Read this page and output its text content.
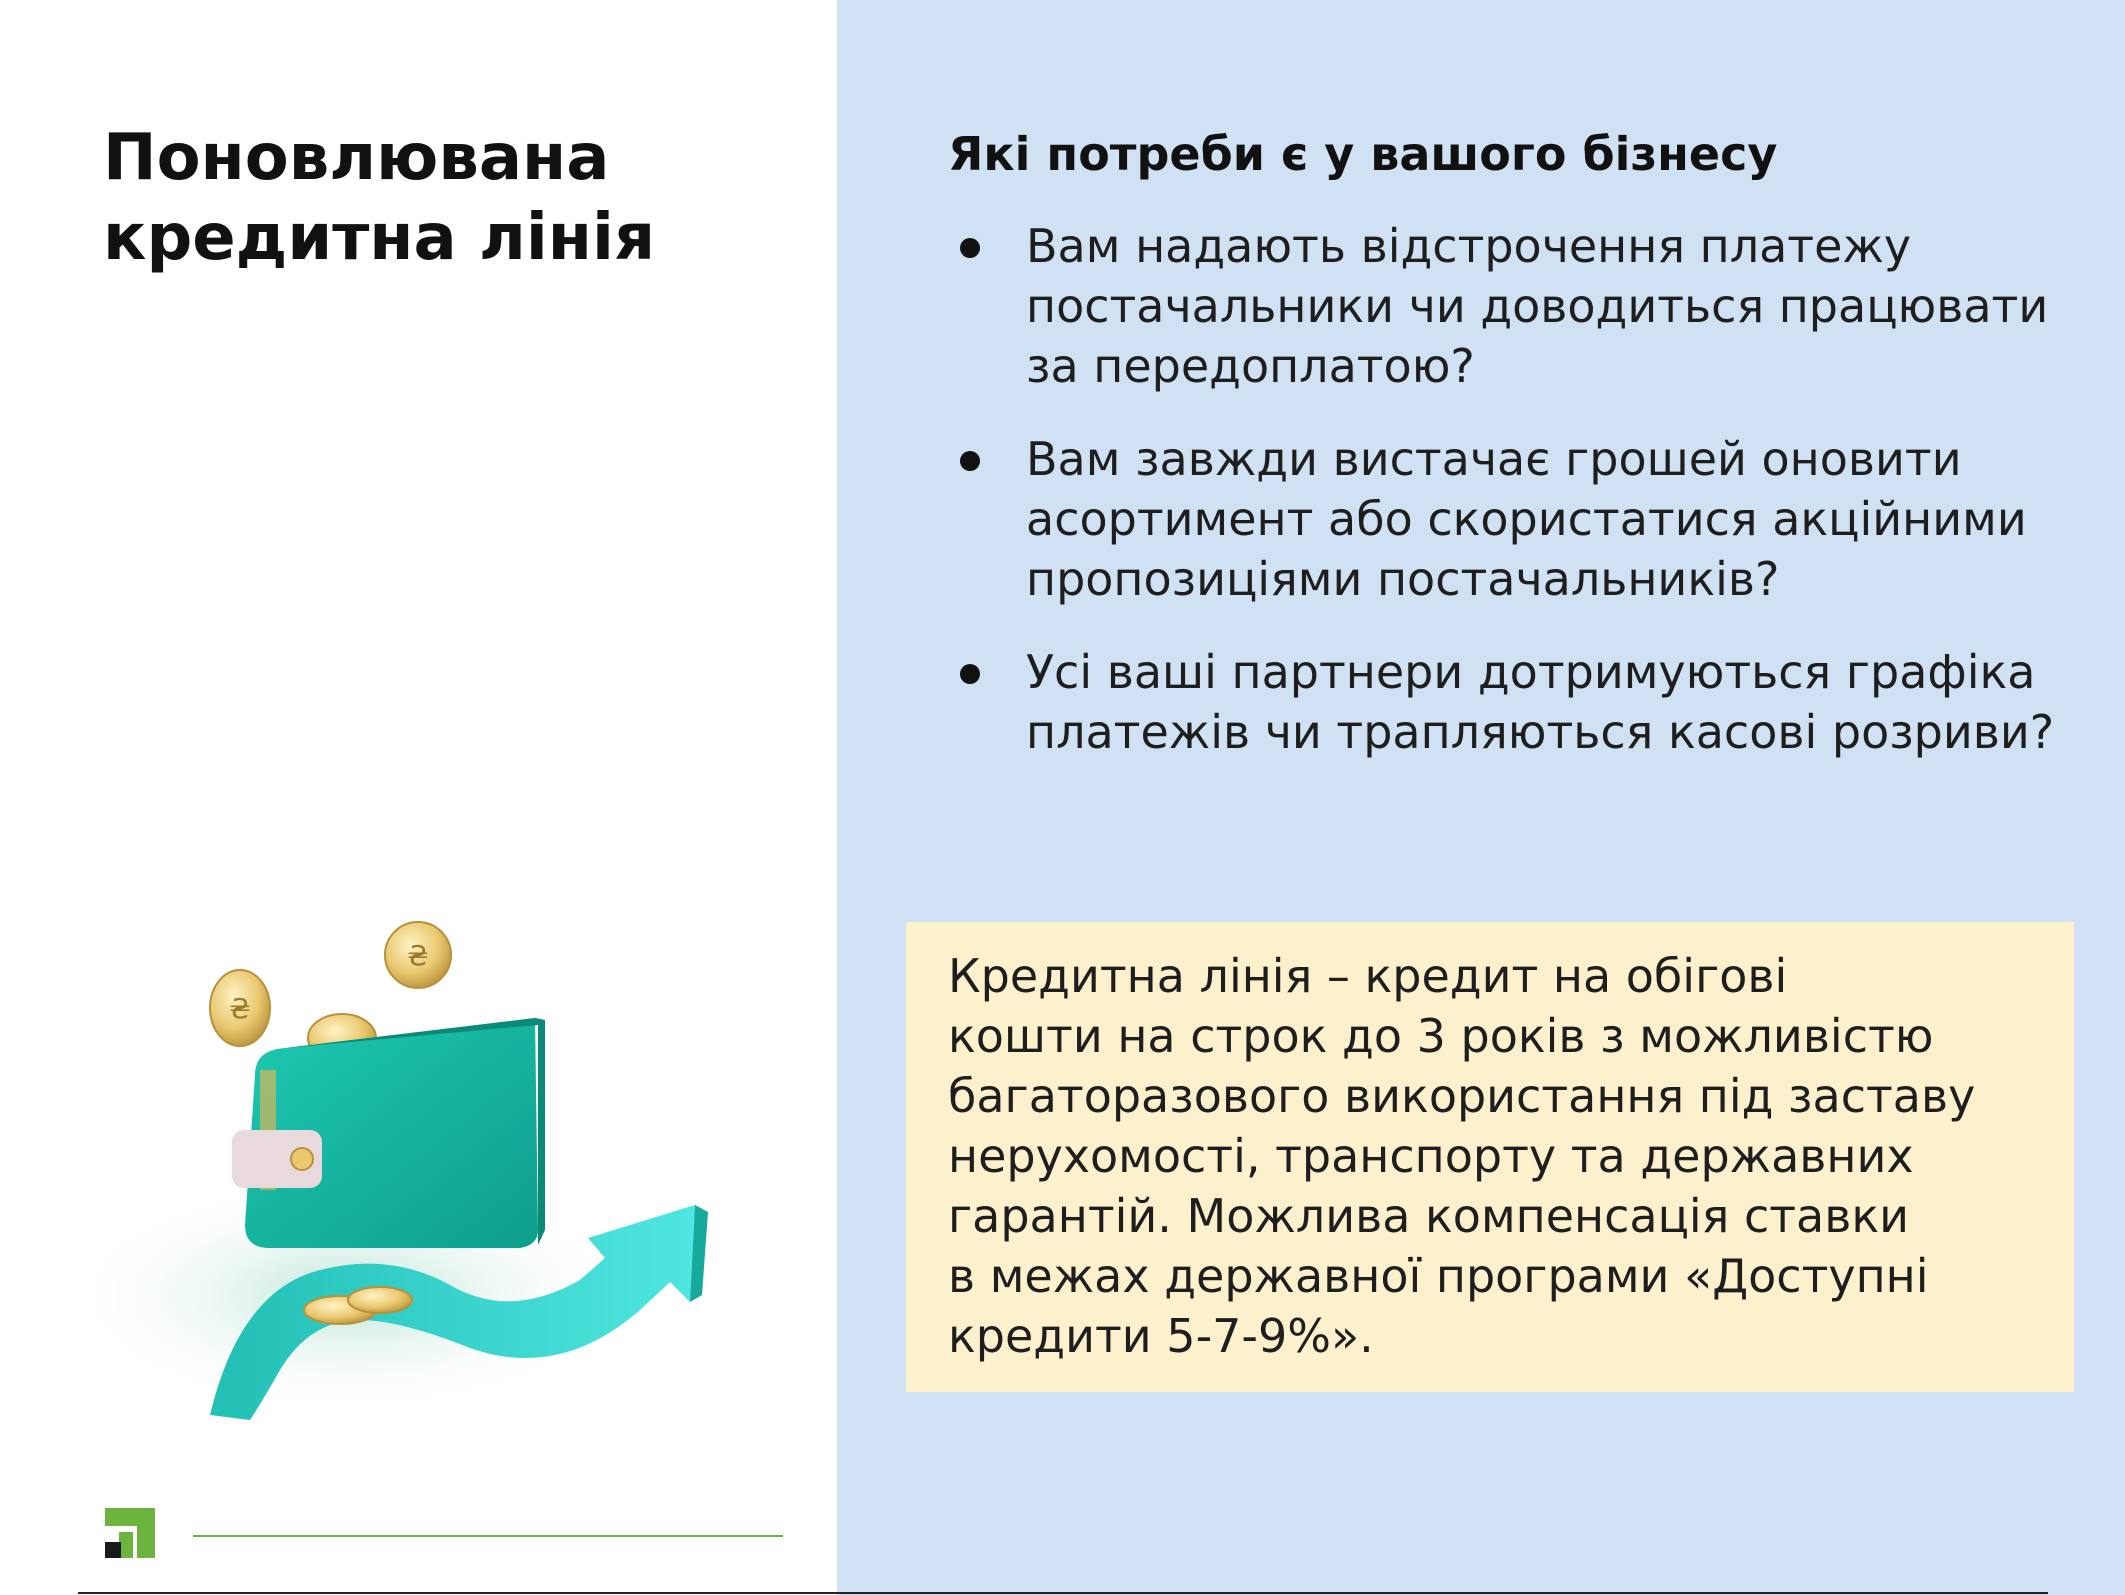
Поновлювана кредитна лінія
Які потреби є у вашого бізнесу
Вам надають відстрочення платежу постачальники чи доводиться працювати за передоплатою?
Вам завжди вистачає грошей оновити асортимент або скористатися акційними пропозиціями постачальників?
Усі ваші партнери дотримуються графіка платежів чи трапляються касові розриви?

Кредитна лінія – кредит на обігові
кошти на строк до 3 років з можливістю
багаторазового використання під заставу
нерухомості, транспорту та державних
гарантій. Можлива компенсація ставки
в межах державної програми «Доступні
кредити 5-7-9%».

₴
₴
